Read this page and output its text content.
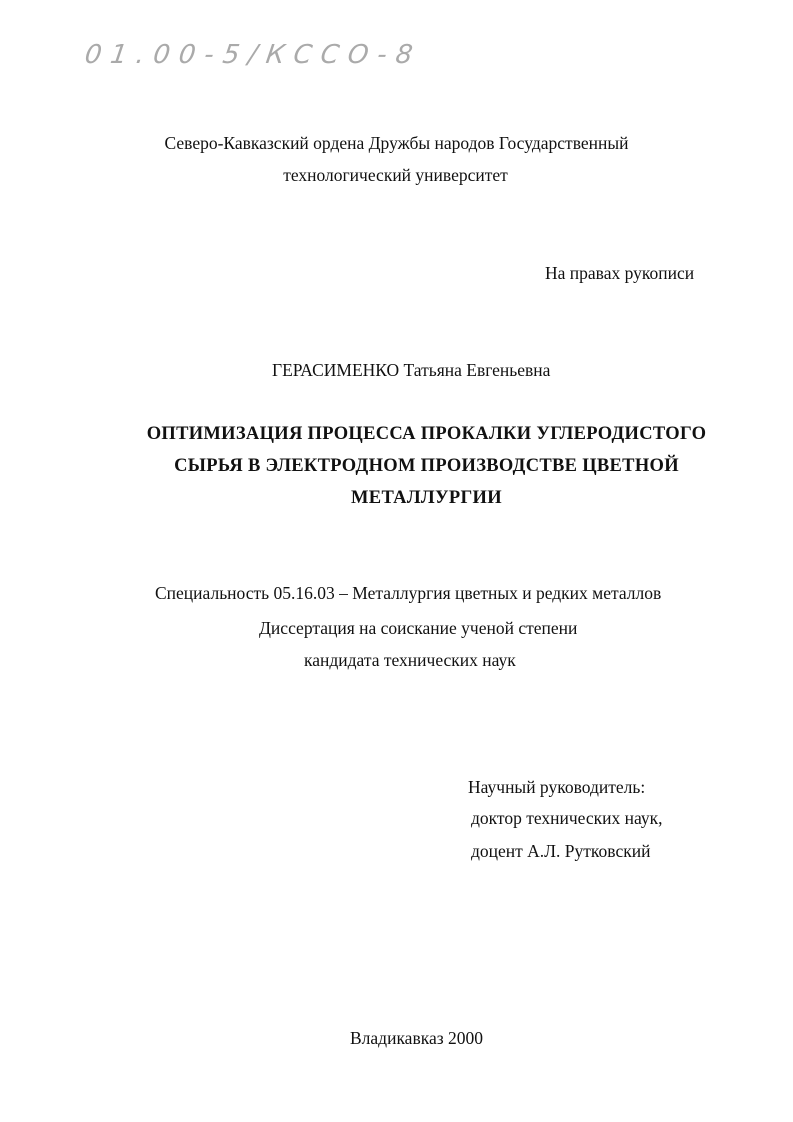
01.00-5/КССО-8
Северо-Кавказский ордена Дружбы народов Государственный
технологический университет
На правах рукописи
ГЕРАСИМЕНКО Татьяна Евгеньевна
ОПТИМИЗАЦИЯ ПРОЦЕССА ПРОКАЛКИ УГЛЕРОДИСТОГО
СЫРЬЯ В ЭЛЕКТРОДНОМ ПРОИЗВОДСТВЕ ЦВЕТНОЙ
МЕТАЛЛУРГИИ
Специальность 05.16.03 – Металлургия цветных и редких металлов
Диссертация на соискание ученой степени
кандидата технических наук
Научный руководитель:
доктор технических наук,
доцент А.Л. Рутковский
Владикавказ 2000
